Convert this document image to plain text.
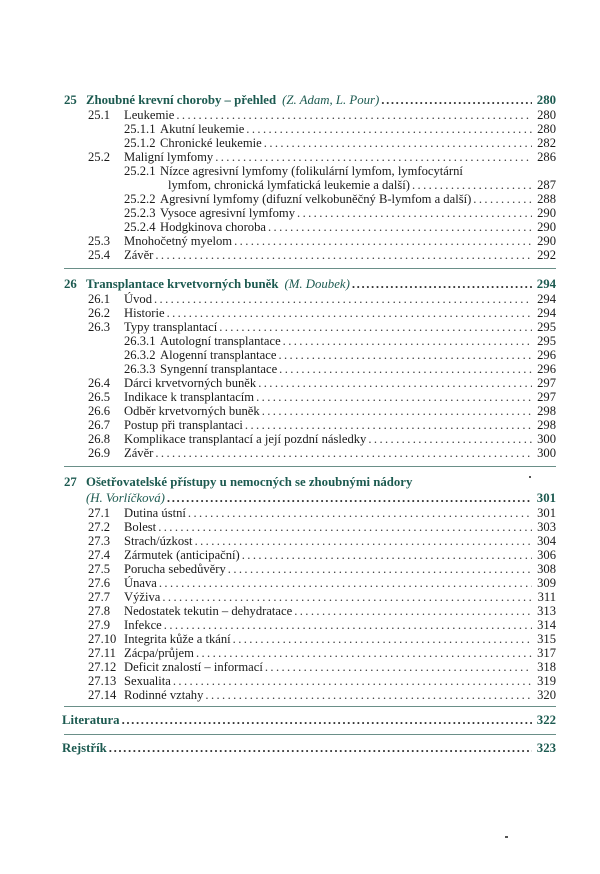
25 Zhoubné krevní choroby – přehled (Z. Adam, L. Pour) .....	280
25.1	Leukemie .....	280
25.1.1 Akutní leukemie .....	280
25.1.2 Chronické leukemie .....	282
25.2	Maligní lymfomy .....	286
25.2.1 Nízce agresivní lymfomy (folikulární lymfom, lymfocytární
lymfom, chronická lymfatická leukemie a další) .....	287
25.2.2 Agresivní lymfomy (difuzní velkobuněčný B-lymfom a další) .....	288
25.2.3 Vysoce agresivní lymfomy .....	290
25.2.4 Hodgkinova choroba .....	290
25.3	Mnohočetný myelom .....	290
25.4	Závěr .....	292
26 Transplantace krvetvorných buněk (M. Doubek) .....	294
26.1	Úvod .....	294
26.2	Historie .....	294
26.3	Typy transplantací .....	295
26.3.1 Autologní transplantace .....	295
26.3.2 Alogenní transplantace .....	296
26.3.3 Syngenní transplantace .....	296
26.4	Dárci krvetvorných buněk .....	297
26.5	Indikace k transplantacím .....	297
26.6	Odběr krvetvorných buněk .....	298
26.7	Postup při transplantaci .....	298
26.8	Komplikace transplantací a její pozdní následky .....	300
26.9	Závěr .....	300
27 Ošetřovatelské přístupy u nemocných se zhoubnými nádory
(H. Vorlíčková) .....	301
27.1	Dutina ústní .....	301
27.2	Bolest .....	303
27.3	Strach/úzkost .....	304
27.4	Zármutek (anticipační) .....	306
27.5	Porucha sebedůvěry .....	308
27.6	Únava .....	309
27.7	Výživa .....	311
27.8	Nedostatek tekutin – dehydratace .....	313
27.9	Infekce .....	314
27.10 Integrita kůže a tkání .....	315
27.11 Zácpa/průjem .....	317
27.12 Deficit znalostí – informací .....	318
27.13 Sexualita .....	319
27.14 Rodinné vztahy .....	320
Literatura .....	322
Rejstřík .....	323
